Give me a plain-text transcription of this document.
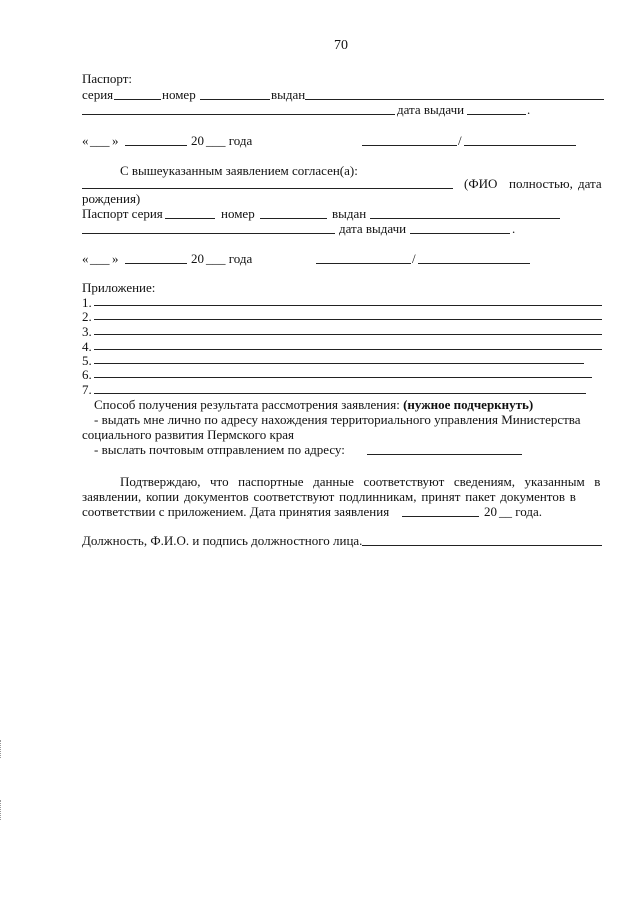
70
Паспорт:
серия	номер	выдан
дата выдачи	.
« ___ »	20 ___ года	/
С вышеуказанным заявлением согласен(а):
(ФИО полностью, дата
рождения)
Паспорт серия	номер	выдан
дата выдачи	.
« ___ »	20 ___ года	/
Приложение:
1.
2.
3.
4.
5.
6.
7.
Способ получения результата рассмотрения заявления: (нужное подчеркнуть)
- выдать мне лично по адресу нахождения территориального управления Министерства
социального развития Пермского края
- выслать почтовым отправлением по адресу:
Подтверждаю, что паспортные данные соответствуют сведениям, указанным в
заявлении, копии документов соответствуют подлинникам, принят пакет документов в
соответствии с приложением. Дата принятия заявления	20 __ года.
Должность, Ф.И.О. и подпись должностного лица.
